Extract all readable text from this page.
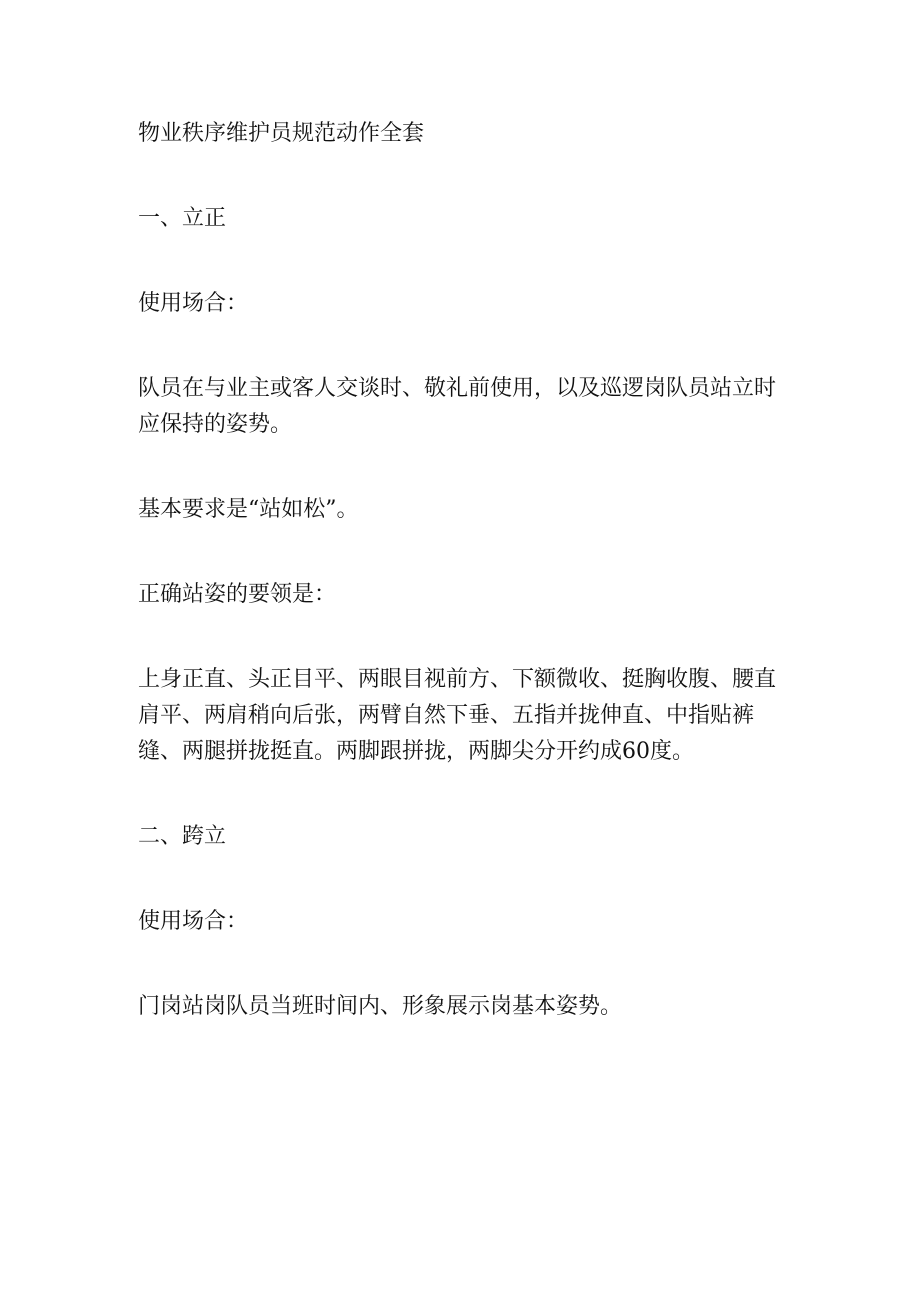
物业秩序维护员规范动作全套

一、立正

使用场合：

队员在与业主或客人交谈时、敬礼前使用，以及巡逻岗队员站立时应保持的姿势。

基本要求是“站如松”。

正确站姿的要领是：

上身正直、头正目平、两眼目视前方、下额微收、挺胸收腹、腰直肩平、两肩稍向后张，两臂自然下垂、五指并拢伸直、中指贴裤缝、两腿拼拢挺直。两脚跟拼拢，两脚尖分开约成60度。

二、跨立

使用场合：

门岗站岗队员当班时间内、形象展示岗基本姿势。
